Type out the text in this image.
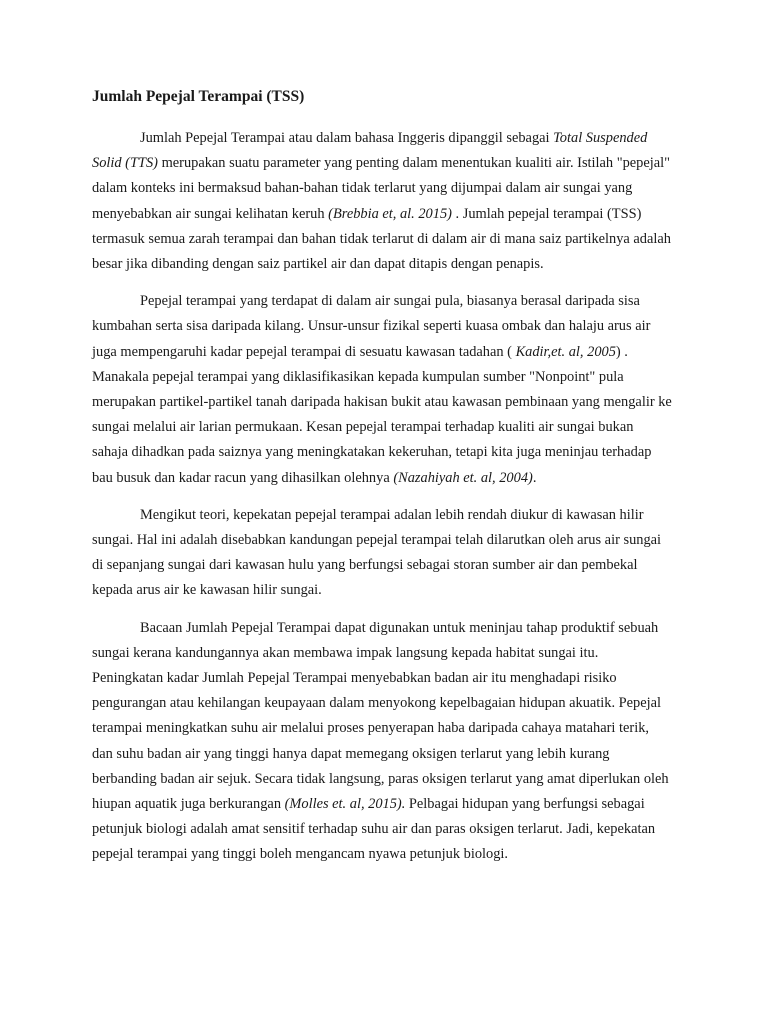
Jumlah Pepejal Terampai (TSS)

Jumlah Pepejal Terampai atau dalam bahasa Inggeris dipanggil sebagai Total Suspended Solid (TTS) merupakan suatu parameter yang penting dalam menentukan kualiti air. Istilah "pepejal" dalam konteks ini bermaksud bahan-bahan tidak terlarut yang dijumpai dalam air sungai yang menyebabkan air sungai kelihatan keruh (Brebbia et, al. 2015) . Jumlah pepejal terampai (TSS) termasuk semua zarah terampai dan bahan tidak terlarut di dalam air di mana saiz partikelnya adalah besar jika dibanding dengan saiz partikel air dan dapat ditapis dengan penapis.

Pepejal terampai yang terdapat di dalam air sungai pula, biasanya berasal daripada sisa kumbahan serta sisa daripada kilang. Unsur-unsur fizikal seperti kuasa ombak dan halaju arus air juga mempengaruhi kadar pepejal terampai di sesuatu kawasan tadahan ( Kadir,et. al, 2005) . Manakala pepejal terampai yang diklasifikasikan kepada kumpulan sumber "Nonpoint" pula merupakan partikel-partikel tanah daripada hakisan bukit atau kawasan pembinaan yang mengalir ke sungai melalui air larian permukaan. Kesan pepejal terampai terhadap kualiti air sungai bukan sahaja dihadkan pada saiznya yang meningkatakan kekeruhan, tetapi kita juga meninjau terhadap bau busuk dan kadar racun yang dihasilkan olehnya (Nazahiyah et. al, 2004).

Mengikut teori, kepekatan pepejal terampai adalan lebih rendah diukur di kawasan hilir sungai. Hal ini adalah disebabkan kandungan pepejal terampai telah dilarutkan oleh arus air sungai di sepanjang sungai dari kawasan hulu yang berfungsi sebagai storan sumber air dan pembekal kepada arus air ke kawasan hilir sungai.

Bacaan Jumlah Pepejal Terampai dapat digunakan untuk meninjau tahap produktif sebuah sungai kerana kandungannya akan membawa impak langsung kepada habitat sungai itu. Peningkatan kadar Jumlah Pepejal Terampai menyebabkan badan air itu menghadapi risiko pengurangan atau kehilangan keupayaan dalam menyokong kepelbagaian hidupan akuatik. Pepejal terampai meningkatkan suhu air melalui proses penyerapan haba daripada cahaya matahari terik, dan suhu badan air yang tinggi hanya dapat memegang oksigen terlarut yang lebih kurang berbanding badan air sejuk. Secara tidak langsung, paras oksigen terlarut yang amat diperlukan oleh hiupan aquatik juga berkurangan (Molles et. al, 2015). Pelbagai hidupan yang berfungsi sebagai petunjuk biologi adalah amat sensitif terhadap suhu air dan paras oksigen terlarut. Jadi, kepekatan pepejal terampai yang tinggi boleh mengancam nyawa petunjuk biologi.
